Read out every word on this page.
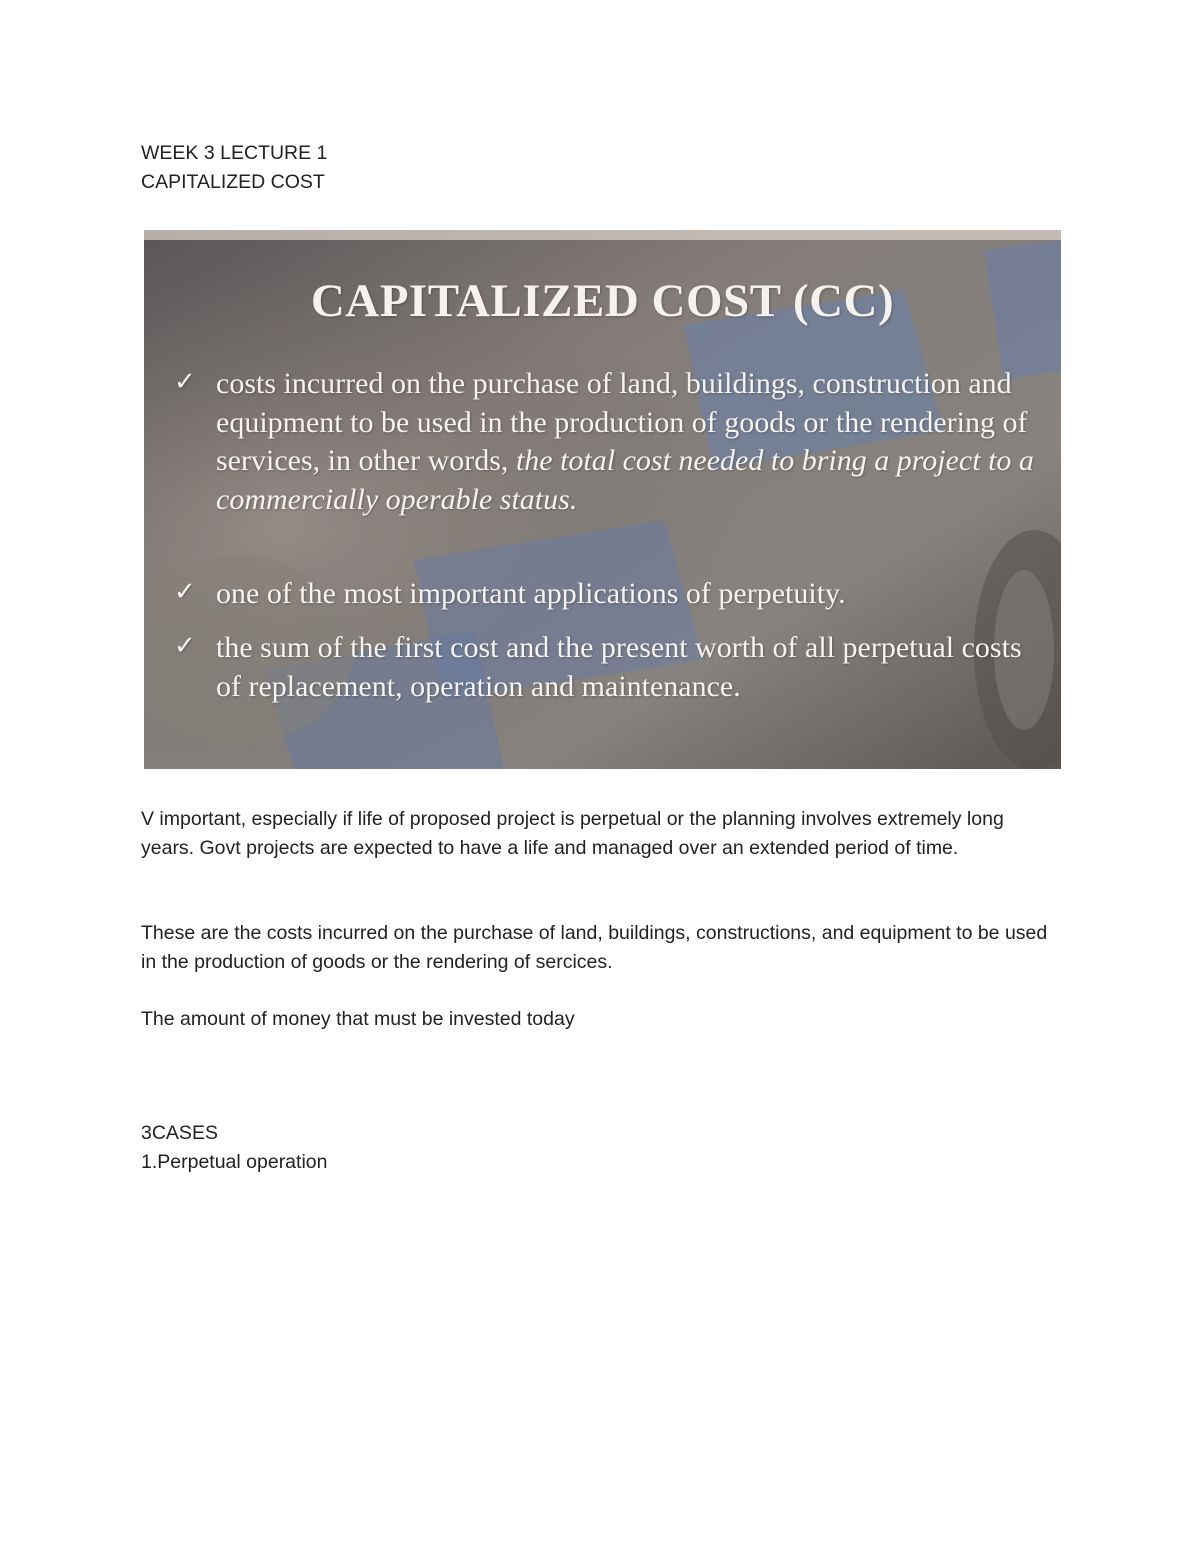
WEEK 3 LECTURE 1
CAPITALIZED COST
CAPITALIZED COST (CC)
✓ costs incurred on the purchase of land, buildings, construction and equipment to be used in the production of goods or the rendering of services, in other words, the total cost needed to bring a project to a commercially operable status.
✓ one of the most important applications of perpetuity.
✓ the sum of the first cost and the present worth of all perpetual costs of replacement, operation and maintenance.
V important, especially if life of proposed project is perpetual or the planning involves extremely long years. Govt projects are expected to have a life and managed over an extended period of time.
These are the costs incurred on the purchase of land, buildings, constructions, and equipment to be used in the production of goods or the rendering of sercices.
The amount of money that must be invested today
3CASES
1.Perpetual operation
